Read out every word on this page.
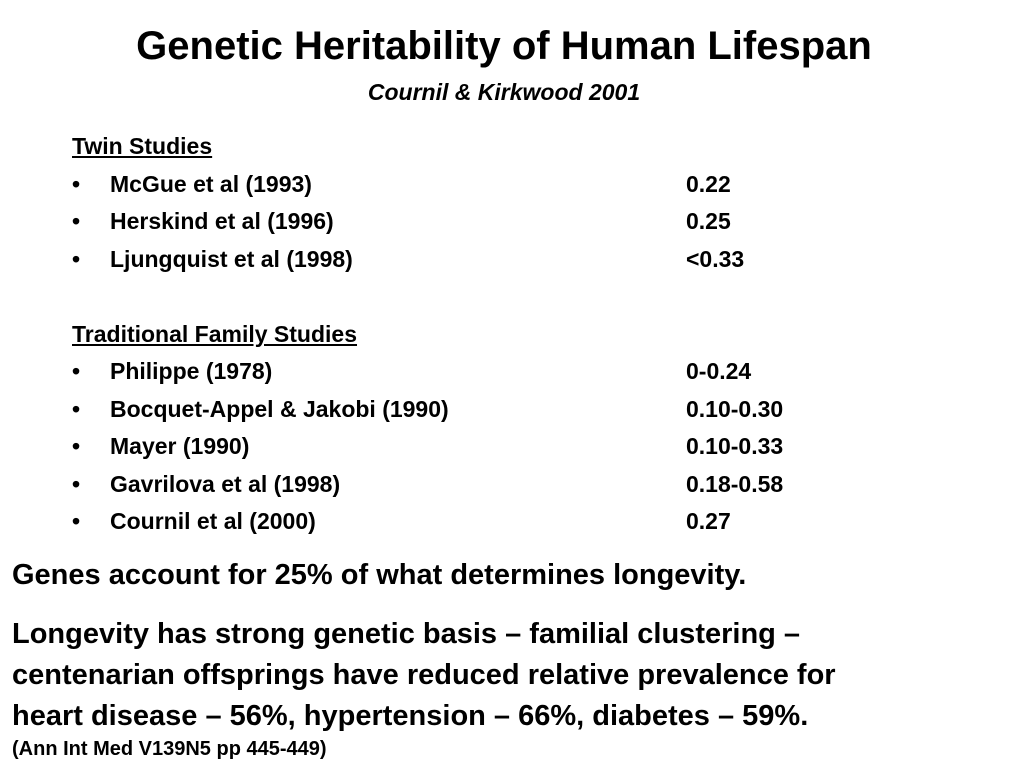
Genetic Heritability of Human Lifespan
Cournil & Kirkwood 2001
Twin Studies
• McGue et al (1993)	0.22
• Herskind et al (1996)	0.25
• Ljungquist et al (1998)	<0.33
Traditional Family Studies
• Philippe (1978)	0-0.24
• Bocquet-Appel & Jakobi (1990)	0.10-0.30
• Mayer (1990)	0.10-0.33
• Gavrilova et al (1998)	0.18-0.58
• Cournil et al (2000)	0.27
Genes account for 25% of what determines longevity.
Longevity has strong genetic basis – familial clustering –
centenarian offsprings have reduced relative prevalence for
heart disease – 56%, hypertension – 66%, diabetes – 59%.
(Ann Int Med V139N5 pp 445-449)
